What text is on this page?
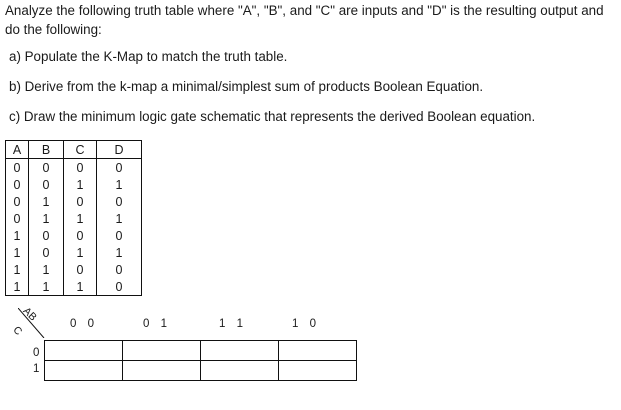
Analyze the following truth table where "A", "B", and "C" are inputs and "D" is the resulting output and do the following:

a) Populate the K-Map to match the truth table.

b) Derive from the k-map a minimal/simplest sum of products Boolean Equation.

c) Draw the minimum logic gate schematic that represents the derived Boolean equation.

A	B	C	D
0	0	0	0
0	0	1	1
0	1	0	0
0	1	1	1
1	0	0	0
1	0	1	1
1	1	0	0
1	1	1	0
AB
C	0 0	0 1	1 1	1 0
0
1
